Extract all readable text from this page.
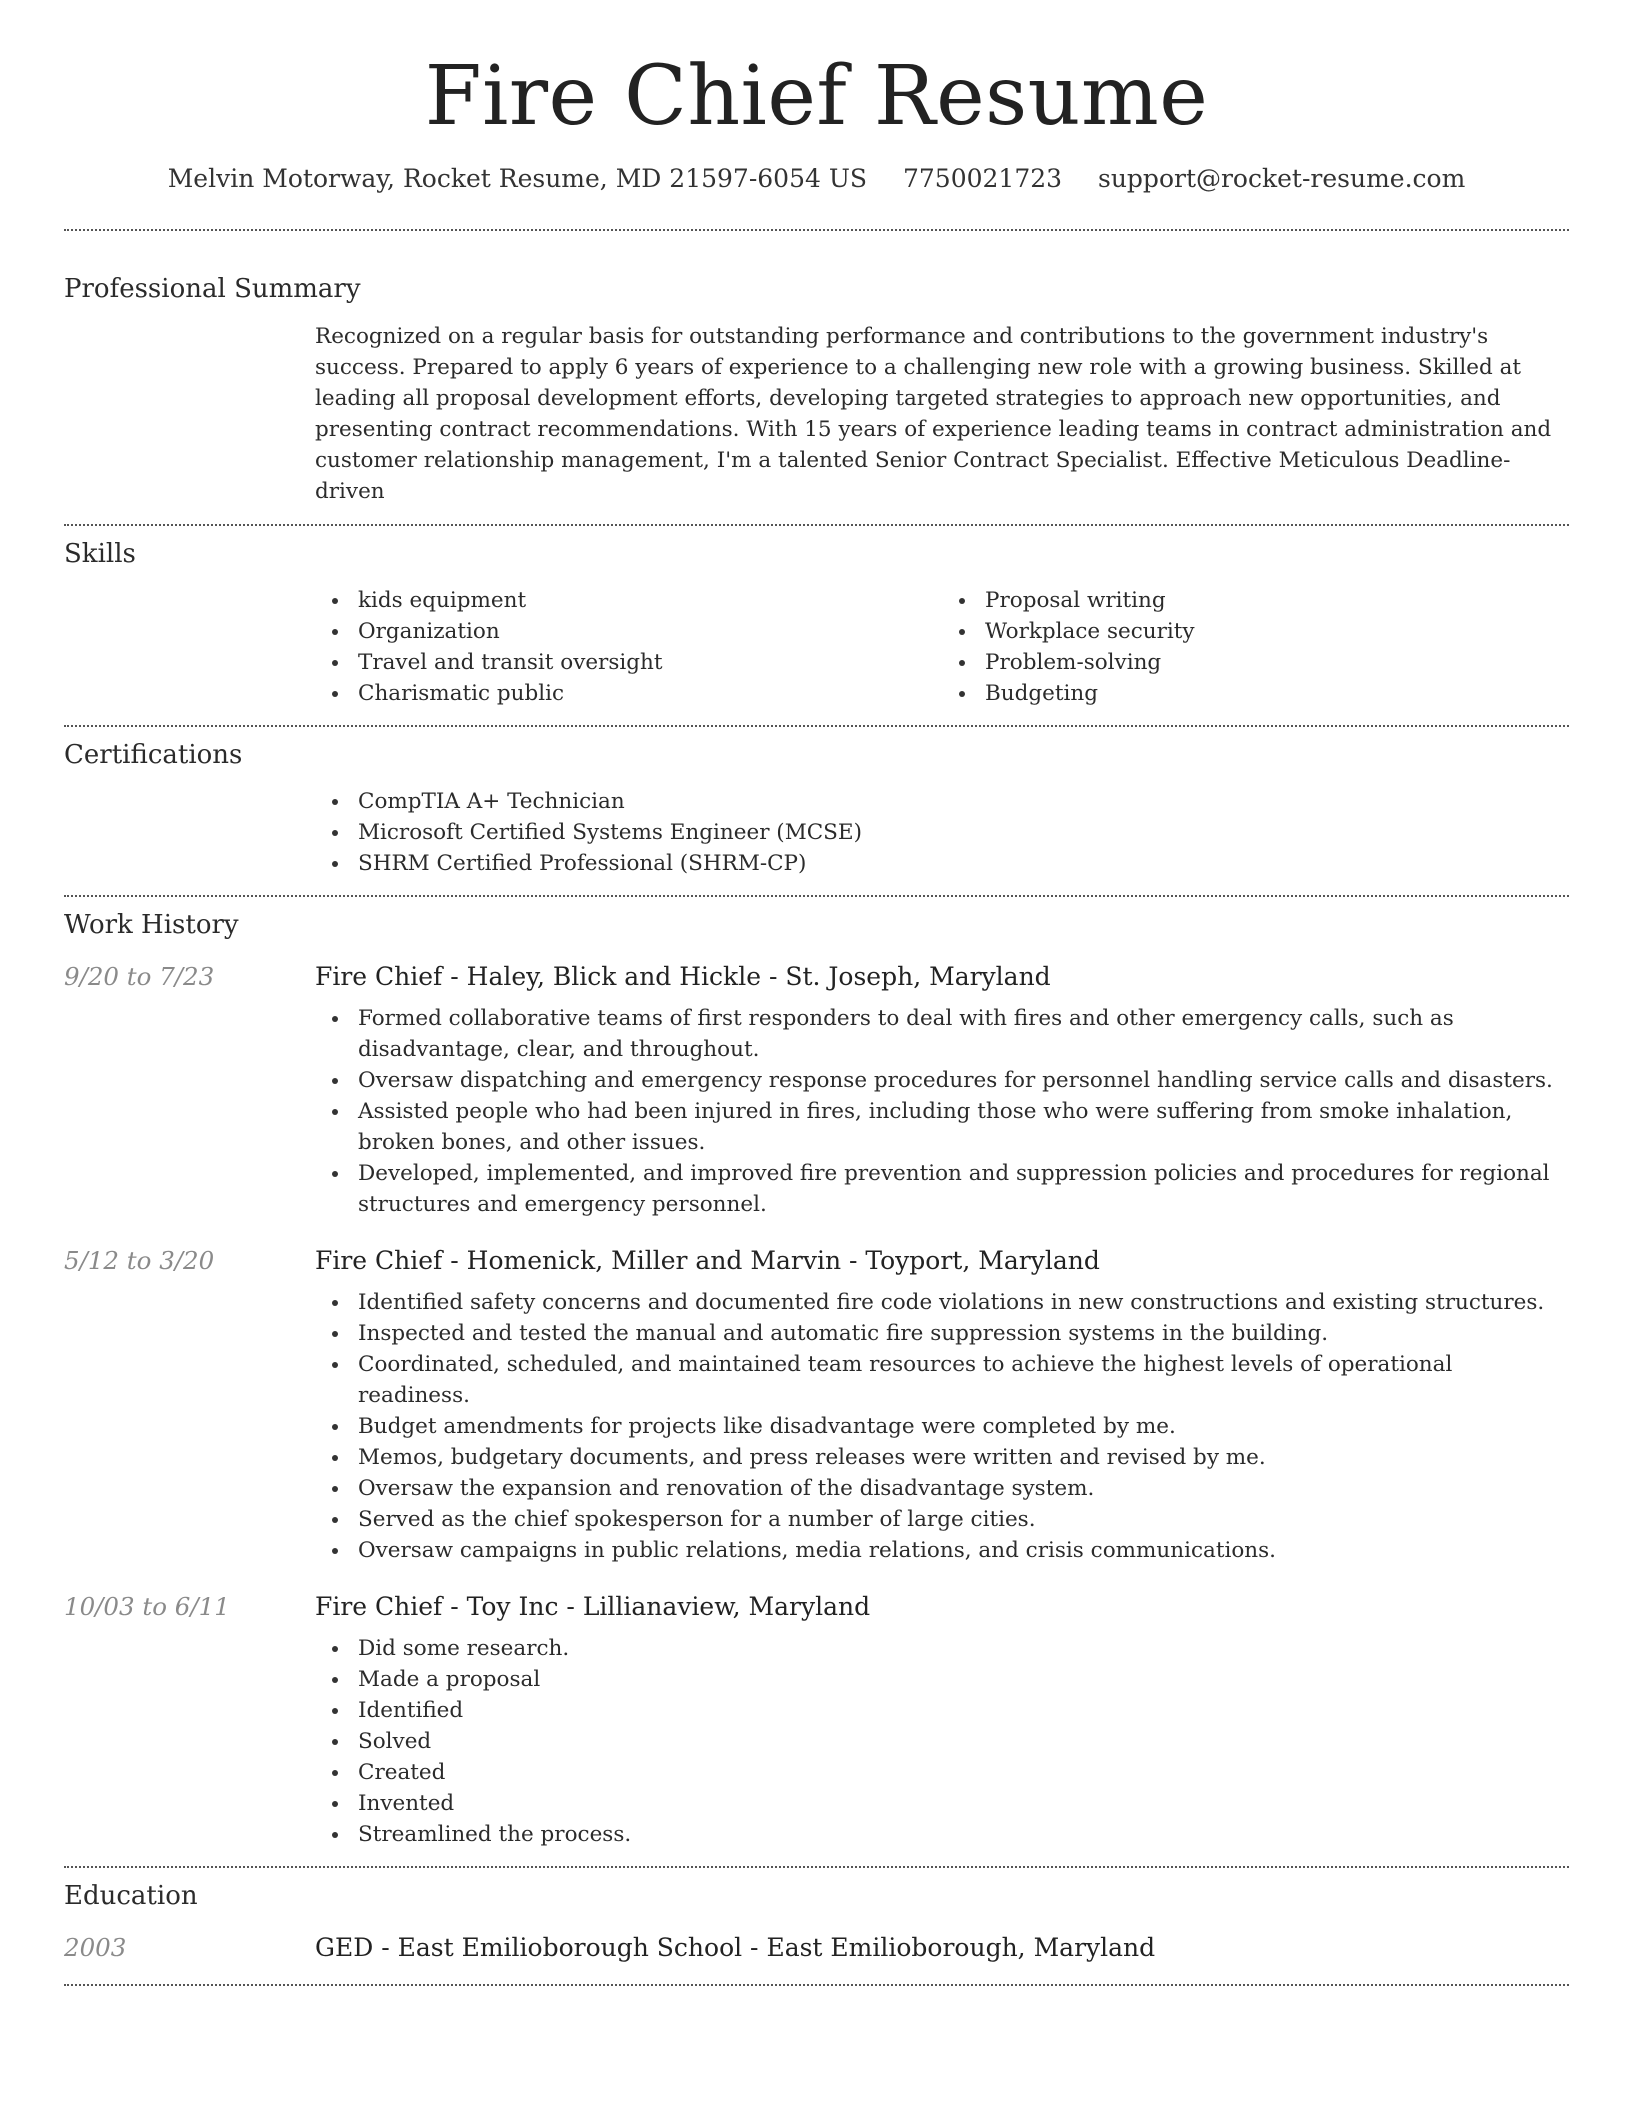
Fire Chief Resume
Melvin Motorway, Rocket Resume, MD 21597-6054 US 7750021723 support@rocket-resume.com
Professional Summary
Recognized on a regular basis for outstanding performance and contributions to the government industry's success. Prepared to apply 6 years of experience to a challenging new role with a growing business. Skilled at leading all proposal development efforts, developing targeted strategies to approach new opportunities, and presenting contract recommendations. With 15 years of experience leading teams in contract administration and customer relationship management, I'm a talented Senior Contract Specialist. Effective Meticulous Deadline-driven
Skills
kids equipment
Organization
Travel and transit oversight
Charismatic public
Proposal writing
Workplace security
Problem-solving
Budgeting
Certifications
CompTIA A+ Technician
Microsoft Certified Systems Engineer (MCSE)
SHRM Certified Professional (SHRM-CP)
Work History
9/20 to 7/23	Fire Chief - Haley, Blick and Hickle - St. Joseph, Maryland
Formed collaborative teams of first responders to deal with fires and other emergency calls, such as disadvantage, clear, and throughout.
Oversaw dispatching and emergency response procedures for personnel handling service calls and disasters.
Assisted people who had been injured in fires, including those who were suffering from smoke inhalation, broken bones, and other issues.
Developed, implemented, and improved fire prevention and suppression policies and procedures for regional structures and emergency personnel.
5/12 to 3/20	Fire Chief - Homenick, Miller and Marvin - Toyport, Maryland
Identified safety concerns and documented fire code violations in new constructions and existing structures.
Inspected and tested the manual and automatic fire suppression systems in the building.
Coordinated, scheduled, and maintained team resources to achieve the highest levels of operational readiness.
Budget amendments for projects like disadvantage were completed by me.
Memos, budgetary documents, and press releases were written and revised by me.
Oversaw the expansion and renovation of the disadvantage system.
Served as the chief spokesperson for a number of large cities.
Oversaw campaigns in public relations, media relations, and crisis communications.
10/03 to 6/11	Fire Chief - Toy Inc - Lillianaview, Maryland
Did some research.
Made a proposal
Identified
Solved
Created
Invented
Streamlined the process.
Education
2003	GED - East Emilioborough School - East Emilioborough, Maryland
